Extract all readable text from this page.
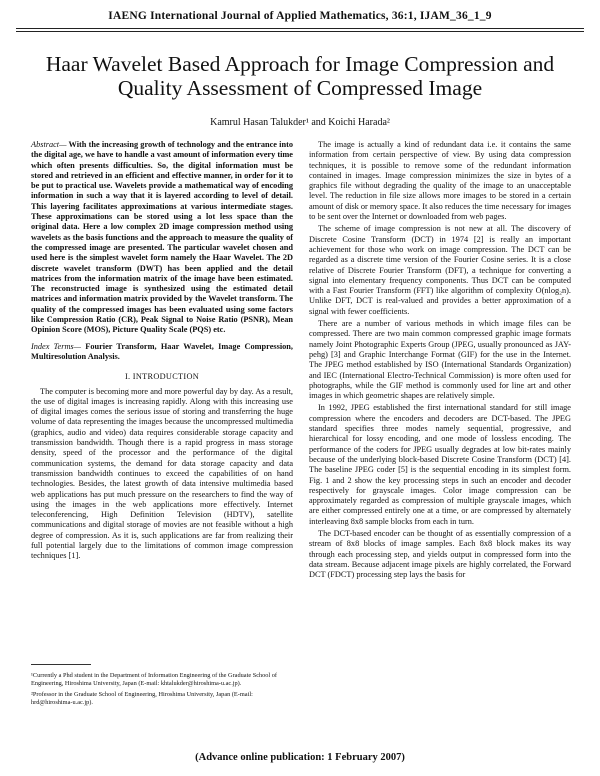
IAENG International Journal of Applied Mathematics, 36:1, IJAM_36_1_9
Haar Wavelet Based Approach for Image Compression and Quality Assessment of Compressed Image
Kamrul Hasan Talukder¹ and Koichi Harada²

Abstract— With the increasing growth of technology and the entrance into the digital age, we have to handle a vast amount of information every time which often presents difficulties. So, the digital information must be stored and retrieved in an efficient and effective manner, in order for it to be put to practical use. Wavelets provide a mathematical way of encoding information in such a way that it is layered according to level of detail. This layering facilitates approximations at various intermediate stages. These approximations can be stored using a lot less space than the original data. Here a low complex 2D image compression method using wavelets as the basis functions and the approach to measure the quality of the compressed image are presented. The particular wavelet chosen and used here is the simplest wavelet form namely the Haar Wavelet. The 2D discrete wavelet transform (DWT) has been applied and the detail matrices from the information matrix of the image have been estimated. The reconstructed image is synthesized using the estimated detail matrices and information matrix provided by the Wavelet transform. The quality of the compressed images has been evaluated using some factors like Compression Ratio (CR), Peak Signal to Noise Ratio (PSNR), Mean Opinion Score (MOS), Picture Quality Scale (PQS) etc.

Index Terms— Fourier Transform, Haar Wavelet, Image Compression, Multiresolution Analysis.

I. INTRODUCTION

The computer is becoming more and more powerful day by day. As a result, the use of digital images is increasing rapidly. Along with this increasing use of digital images comes the serious issue of storing and transferring the huge volume of data representing the images because the uncompressed multimedia (graphics, audio and video) data requires considerable storage capacity and transmission bandwidth. Though there is a rapid progress in mass storage density, speed of the processor and the performance of the digital communication systems, the demand for data storage capacity and data transmission bandwidth continues to exceed the capabilities of on hand technologies. Besides, the latest growth of data intensive multimedia based web applications has put much pressure on the researchers to find the way of using the images in the web applications more effectively. Internet teleconferencing, High Definition Television (HDTV), satellite communications and digital storage of movies are not feasible without a high degree of compression. As it is, such applications are far from realizing their full potential largely due to the limitations of common image compression techniques [1].

¹Currently a Phd student in the Department of Information Engineering of the Graduate School of Engineering, Hiroshima University, Japan (E-mail: khtalukder@hiroshima-u.ac.jp).

²Professor in the Graduate School of Engineering, Hiroshima University, Japan (E-mail: hrd@hiroshima-u.ac.jp).

The image is actually a kind of redundant data i.e. it contains the same information from certain perspective of view. By using data compression techniques, it is possible to remove some of the redundant information contained in images. Image compression minimizes the size in bytes of a graphics file without degrading the quality of the image to an unacceptable level. The reduction in file size allows more images to be stored in a certain amount of disk or memory space. It also reduces the time necessary for images to be sent over the Internet or downloaded from web pages.

The scheme of image compression is not new at all. The discovery of Discrete Cosine Transform (DCT) in 1974 [2] is really an important achievement for those who work on image compression. The DCT can be regarded as a discrete time version of the Fourier Cosine series. It is a close relative of Discrete Fourier Transform (DFT), a technique for converting a signal into elementary frequency components. Thus DCT can be computed with a Fast Fourier Transform (FFT) like algorithm of complexity O(nlog₂n). Unlike DFT, DCT is real-valued and provides a better approximation of a signal with fewer coefficients.

There are a number of various methods in which image files can be compressed. There are two main common compressed graphic image formats namely Joint Photographic Experts Group (JPEG, usually pronounced as JAY-pehg) [3] and Graphic Interchange Format (GIF) for the use in the Internet. The JPEG method established by ISO (International Standards Organization) and IEC (International Electro-Technical Commission) is more often used for photographs, while the GIF method is commonly used for line art and other images in which geometric shapes are relatively simple.

In 1992, JPEG established the first international standard for still image compression where the encoders and decoders are DCT-based. The JPEG standard specifies three modes namely sequential, progressive, and hierarchical for lossy encoding, and one mode of lossless encoding. The performance of the coders for JPEG usually degrades at low bit-rates mainly because of the underlying block-based Discrete Cosine Transform (DCT) [4]. The baseline JPEG coder [5] is the sequential encoding in its simplest form. Fig. 1 and 2 show the key processing steps in such an encoder and decoder respectively for grayscale images. Color image compression can be approximately regarded as compression of multiple grayscale images, which are either compressed entirely one at a time, or are compressed by alternately interleaving 8x8 sample blocks from each in turn.

The DCT-based encoder can be thought of as essentially compression of a stream of 8x8 blocks of image samples. Each 8x8 block makes its way through each processing step, and yields output in compressed form into the data stream. Because adjacent image pixels are highly correlated, the Forward DCT (FDCT) processing step lays the basis for

(Advance online publication: 1 February 2007)
